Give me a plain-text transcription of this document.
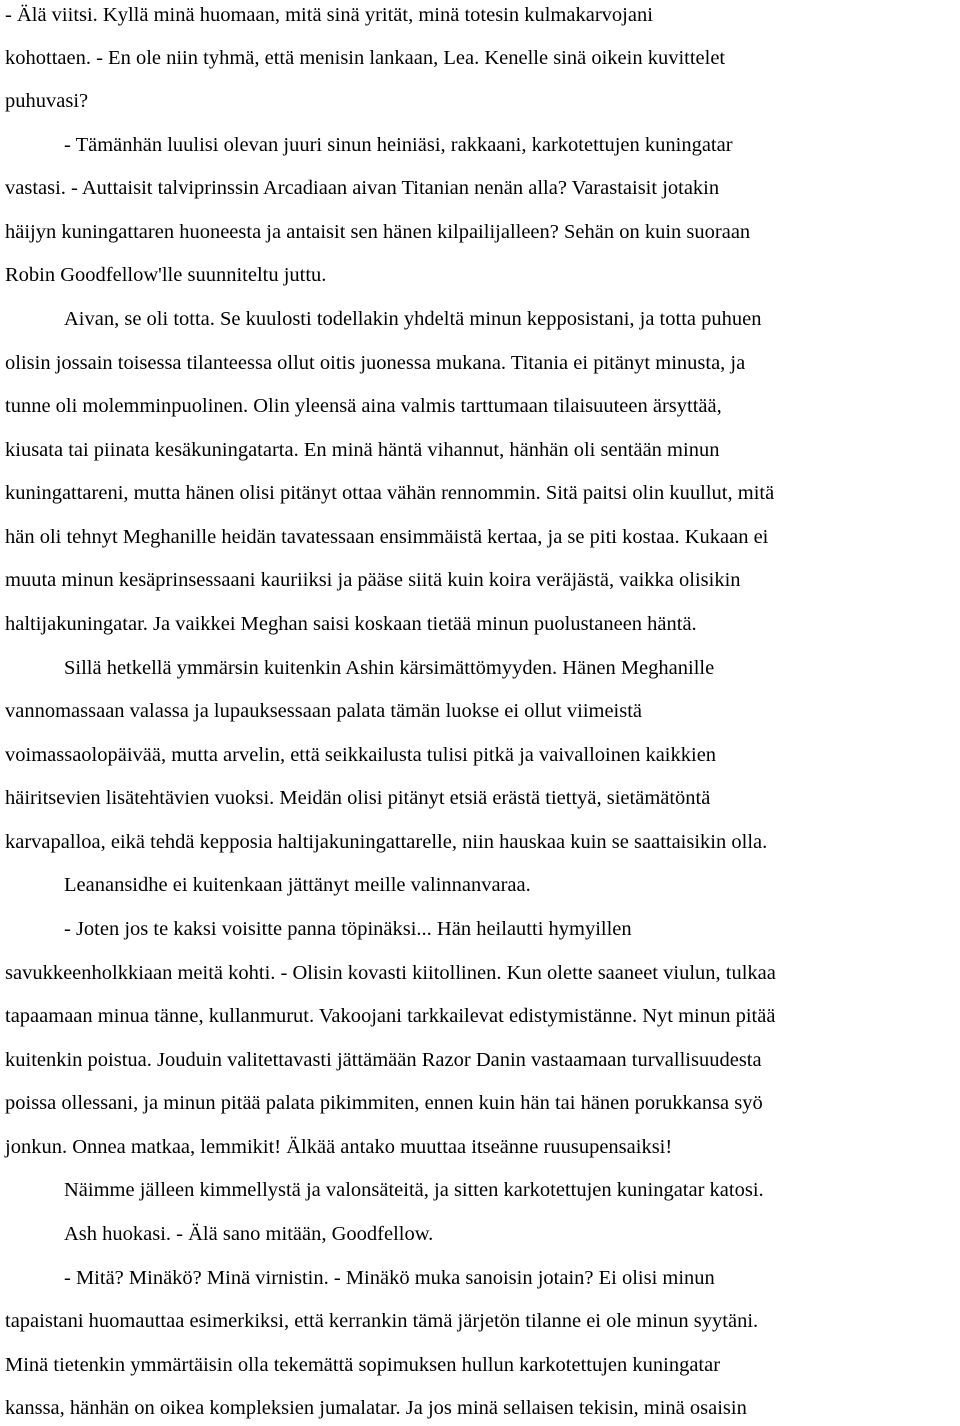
- Älä viitsi. Kyllä minä huomaan, mitä sinä yrität, minä totesin kulmakarvojani
kohottaen. - En ole niin tyhmä, että menisin lankaan, Lea. Kenelle sinä oikein kuvittelet
puhuvasi?
- Tämänhän luulisi olevan juuri sinun heiniäsi, rakkaani, karkotettujen kuningatar
vastasi. - Auttaisit talviprinssin Arcadiaan aivan Titanian nenän alla? Varastaisit jotakin
häijyn kuningattaren huoneesta ja antaisit sen hänen kilpailijalleen? Sehän on kuin suoraan
Robin Goodfellow'lle suunniteltu juttu.
Aivan, se oli totta. Se kuulosti todellakin yhdeltä minun kepposistani, ja totta puhuen
olisin jossain toisessa tilanteessa ollut oitis juonessa mukana. Titania ei pitänyt minusta, ja
tunne oli molemminpuolinen. Olin yleensä aina valmis tarttumaan tilaisuuteen ärsyttää,
kiusata tai piinata kesäkuningatarta. En minä häntä vihannut, hänhän oli sentään minun
kuningattareni, mutta hänen olisi pitänyt ottaa vähän rennommin. Sitä paitsi olin kuullut, mitä
hän oli tehnyt Meghanille heidän tavatessaan ensimmäistä kertaa, ja se piti kostaa. Kukaan ei
muuta minun kesäprinsessaani kauriiksi ja pääse siitä kuin koira veräjästä, vaikka olisikin
haltijakuningatar. Ja vaikkei Meghan saisi koskaan tietää minun puolustaneen häntä.
Sillä hetkellä ymmärsin kuitenkin Ashin kärsimättömyyden. Hänen Meghanille
vannomassaan valassa ja lupauksessaan palata tämän luokse ei ollut viimeistä
voimassaolopäivää, mutta arvelin, että seikkailusta tulisi pitkä ja vaivalloinen kaikkien
häiritsevien lisätehtävien vuoksi. Meidän olisi pitänyt etsiä erästä tiettyä, sietämätöntä
karvapalloa, eikä tehdä kepposia haltijakuningattarelle, niin hauskaa kuin se saattaisikin olla.
Leanansidhe ei kuitenkaan jättänyt meille valinnanvaraa.
- Joten jos te kaksi voisitte panna töpinäksi... Hän heilautti hymyillen
savukkeenholkkiaan meitä kohti. - Olisin kovasti kiitollinen. Kun olette saaneet viulun, tulkaa
tapaamaan minua tänne, kullanmurut. Vakoojani tarkkailevat edistymistänne. Nyt minun pitää
kuitenkin poistua. Jouduin valitettavasti jättämään Razor Danin vastaamaan turvallisuudesta
poissa ollessani, ja minun pitää palata pikimmiten, ennen kuin hän tai hänen porukkansa syö
jonkun. Onnea matkaa, lemmikit! Älkää antako muuttaa itseänne ruusupensaiksi!
Näimme jälleen kimmellystä ja valonsäteitä, ja sitten karkotettujen kuningatar katosi.
Ash huokasi. - Älä sano mitään, Goodfellow.
- Mitä? Minäkö? Minä virnistin. - Minäkö muka sanoisin jotain? Ei olisi minun
tapaistani huomauttaa esimerkiksi, että kerrankin tämä järjetön tilanne ei ole minun syytäni.
Minä tietenkin ymmärtäisin olla tekemättä sopimuksen hullun karkotettujen kuningatar
kanssa, hänhän on oikea kompleksien jumalatar. Ja jos minä sellaisen tekisin, minä osaisin
